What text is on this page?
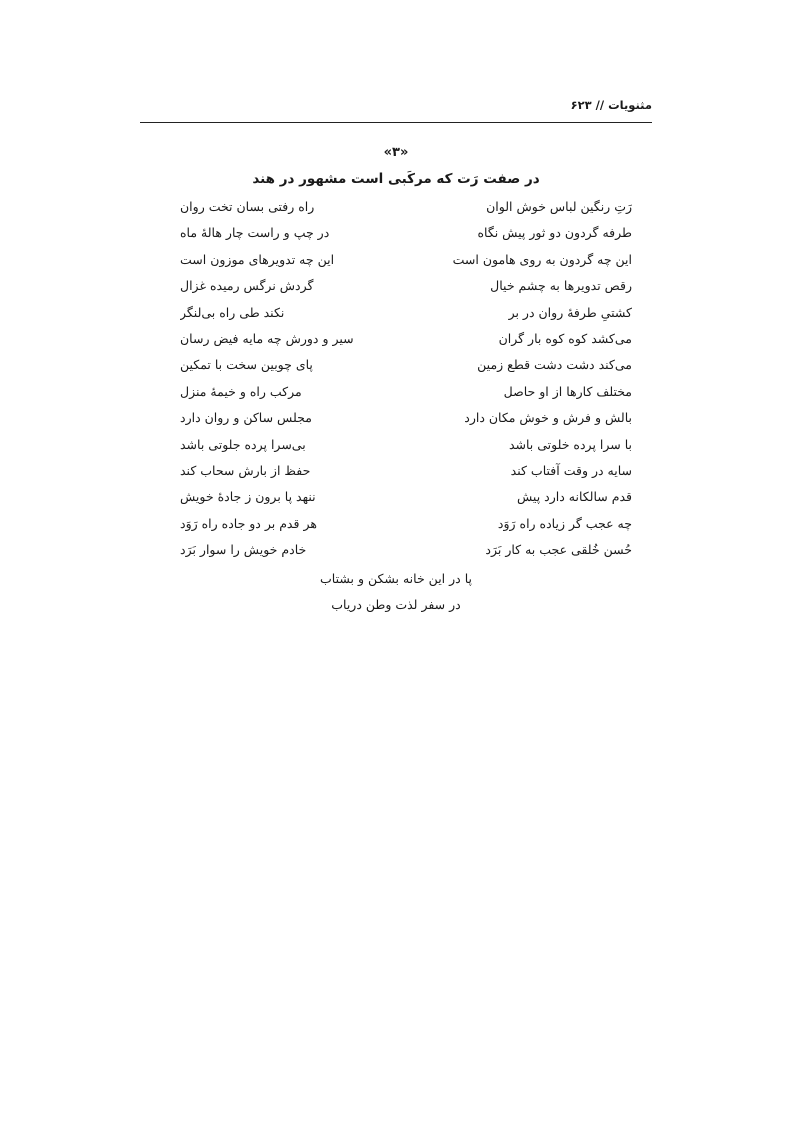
مثنویات // ۶۲۳
«۳»
در صفت رَت که مرکَبی است مشهور در هند
رَتِ رنگین لباس خوش الوان
راه رفتی بسان تخت روان
طرفه گردون دو ثور پیش نگاه
در چپ و راست چار هالهٔ ماه
این چه گردون به روی هامون است
این چه تدویرهای موزون است
رقص تدویرها به چشم خیال
گردش نرگس رمیده غزال
کشتیِ طرفهٔ روان در بر
نکند طی راه بی‌لنگر
می‌کشد کوه کوه بار گران
سیر و دورش چه مایه فیض رسان
می‌کند دشت دشت قطع زمین
پای چوبین سخت با تمکین
مختلف کارها از او حاصل
مرکب راه و خیمهٔ منزل
بالش و فرش و خوش مکان دارد
مجلس ساکن و روان دارد
با سرا پرده خلوتی باشد
بی‌سرا پرده جلوتی باشد
سایه در وقت آفتاب کند
حفظ از بارش سحاب کند
قدم سالکانه دارد پیش
ننهد پا برون ز جادهٔ خویش
چه عجب گر زیاده راه رَوَد
هر قدم بر دو جاده راه رَوَد
حُسن خُلقی عجب به کار بَرَد
خادم خویش را سوار بَرَد
پا در این خانه بشکن و بشتاب
در سفر لذت وطن دریاب
